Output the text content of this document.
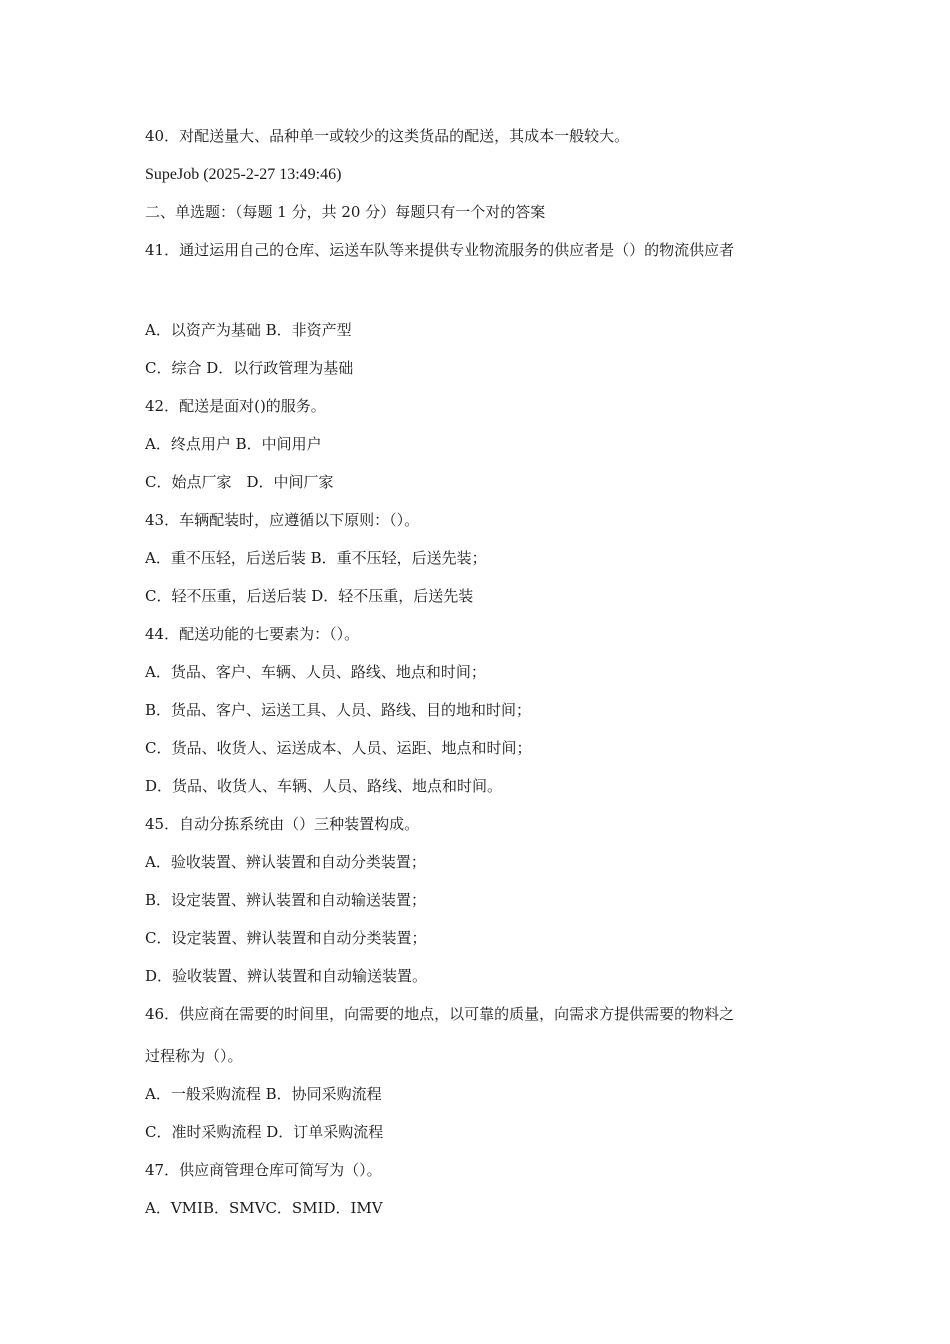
40．对配送量大、品种单一或较少的这类货品的配送，其成本一般较大。
SupeJob (2025-2-27 13:49:46)
二、单选题：（每题 1 分，共 20 分）每题只有一个对的答案
41．通过运用自己的仓库、运送车队等来提供专业物流服务的供应者是（）的物流供应者
A．以资产为基础 B．非资产型
C．综合 D．以行政管理为基础
42．配送是面对()的服务。
A．终点用户 B．中间用户
C．始点厂家　D．中间厂家
43．车辆配装时，应遵循以下原则：（）。
A．重不压轻，后送后装 B．重不压轻，后送先装；
C．轻不压重，后送后装 D．轻不压重，后送先装
44．配送功能的七要素为：（）。
A．货品、客户、车辆、人员、路线、地点和时间；
B．货品、客户、运送工具、人员、路线、目的地和时间；
C．货品、收货人、运送成本、人员、运距、地点和时间；
D．货品、收货人、车辆、人员、路线、地点和时间。
45．自动分拣系统由（）三种装置构成。
A．验收装置、辨认装置和自动分类装置；
B．设定装置、辨认装置和自动输送装置；
C．设定装置、辨认装置和自动分类装置；
D．验收装置、辨认装置和自动输送装置。
46．供应商在需要的时间里，向需要的地点，以可靠的质量，向需求方提供需要的物料之
过程称为（）。
A．一般采购流程 B．协同采购流程
C．准时采购流程 D．订单采购流程
47．供应商管理仓库可简写为（）。
A．VMIB．SMVC．SMID．IMV
